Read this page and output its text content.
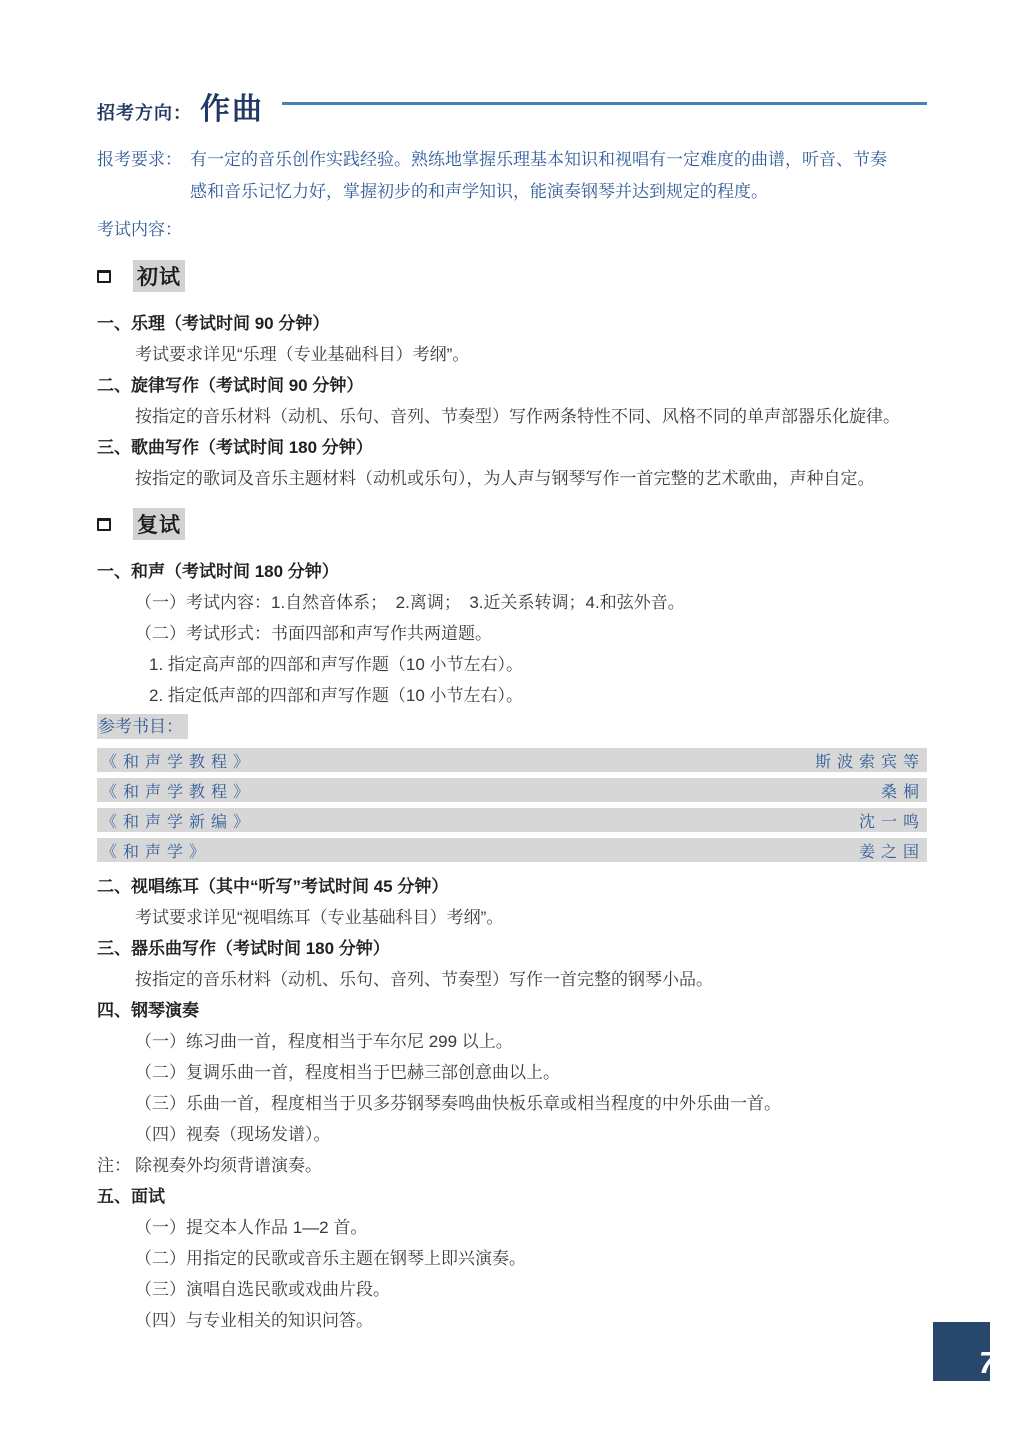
招考方向： 作曲
报考要求： 有一定的音乐创作实践经验。熟练地掌握乐理基本知识和视唱有一定难度的曲谱，听音、节奏感和音乐记忆力好，掌握初步的和声学知识，能演奏钢琴并达到规定的程度。
考试内容：
初试
一、乐理（考试时间 90 分钟）
考试要求详见“乐理（专业基础科目）考纲”。
二、旋律写作（考试时间 90 分钟）
按指定的音乐材料（动机、乐句、音列、节奏型）写作两条特性不同、风格不同的单声部器乐化旋律。
三、歌曲写作（考试时间 180 分钟）
按指定的歌词及音乐主题材料（动机或乐句），为人声与钢琴写作一首完整的艺术歌曲，声种自定。
复试
一、和声（考试时间 180 分钟）
（一）考试内容：1.自然音体系；　2.离调；　3.近关系转调；4.和弦外音。
（二）考试形式：书面四部和声写作共两道题。
1. 指定高声部的四部和声写作题（10 小节左右）。
2. 指定低声部的四部和声写作题（10 小节左右）。
参考书目：
《和声学教程》	斯波索宾等
《和声学教程》	桑桐
《和声学新编》	沈一鸣
《和声学》	姜之国
二、视唱练耳（其中“听写”考试时间 45 分钟）
考试要求详见“视唱练耳（专业基础科目）考纲”。
三、器乐曲写作（考试时间 180 分钟）
按指定的音乐材料（动机、乐句、音列、节奏型）写作一首完整的钢琴小品。
四、钢琴演奏
（一）练习曲一首，程度相当于车尔尼 299 以上。
（二）复调乐曲一首，程度相当于巴赫三部创意曲以上。
（三）乐曲一首，程度相当于贝多芬钢琴奏鸣曲快板乐章或相当程度的中外乐曲一首。
（四）视奏（现场发谱）。
注： 除视奏外均须背谱演奏。
五、面试
（一）提交本人作品 1—2 首。
（二）用指定的民歌或音乐主题在钢琴上即兴演奏。
（三）演唱自选民歌或戏曲片段。
（四）与专业相关的知识问答。
7
